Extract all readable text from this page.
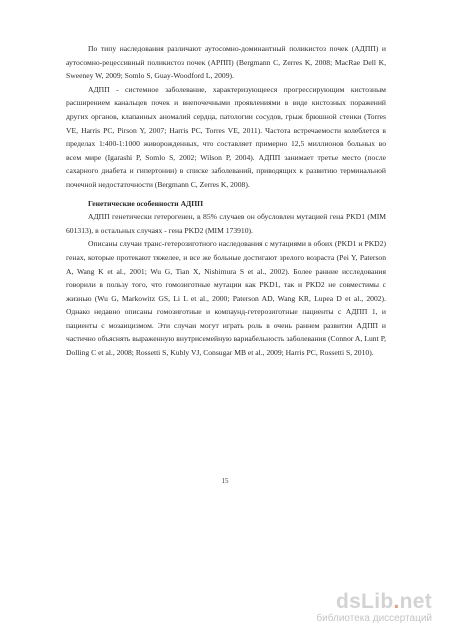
По типу наследования различают аутосомно-доминантный поликистоз почек (АДПП) и аутосомно-рецессивный поликистоз почек (АРПП) (Bergmann C, Zerres K, 2008; MacRae Dell K, Sweeney W, 2009; Somlo S, Guay-Woodford L, 2009).

АДПП - системное заболевание, характеризующееся прогрессирующим кистозным расширением канальцев почек и внепочечными проявлениями в виде кистозных поражений других органов, клапанных аномалий сердца, патологии сосудов, грыж брюшной стенки (Torres VE, Harris PC, Pirson Y, 2007; Harris PC, Torres VE, 2011). Частота встречаемости колеблется в пределах 1:400-1:1000 живорожденных, что составляет примерно 12,5 миллионов больных во всем мире (Igarashi P, Somlo S, 2002; Wilson P, 2004). АДПП занимает третье место (после сахарного диабета и гипертонии) в списке заболеваний, приводящих к развитию терминальной почечной недостаточности (Bergmann C, Zerres K, 2008).

Генетические особенности АДПП

АДПП генетически гетерогенен, в 85% случаев он обусловлен мутацией гена PKD1 (MIM 601313), в остальных случаях - гена PKD2 (MIM 173910).

Описаны случаи транс-гетерозиготного наследования с мутациями в обоих (PKD1 и PKD2) генах, которые протекают тяжелее, и все же больные достигают зрелого возраста (Pei Y, Paterson A, Wang K et al., 2001; Wu G, Tian X, Nishimura S et al., 2002). Более ранние исследования говорили в пользу того, что гомозиготные мутации как PKD1, так и PKD2 не совместимы с жизнью (Wu G, Markowitz GS, Li L et al., 2000; Paterson AD, Wang KR, Lupea D et al., 2002). Однако недавно описаны гомозиготные и компаунд-гетерозиготные пациенты с АДПП 1, и пациенты с мозаицизмом. Эти случаи могут играть роль в очень раннем развитии АДПП и частично объяснять выраженную внутрисемейную вариабельность заболевания (Connor A, Lunt P, Dolling C et al., 2008; Rossetti S, Kubly VJ, Consugar MB et al., 2009; Harris PC, Rossetti S, 2010).

15
dsLib.net
библиотека диссертаций
